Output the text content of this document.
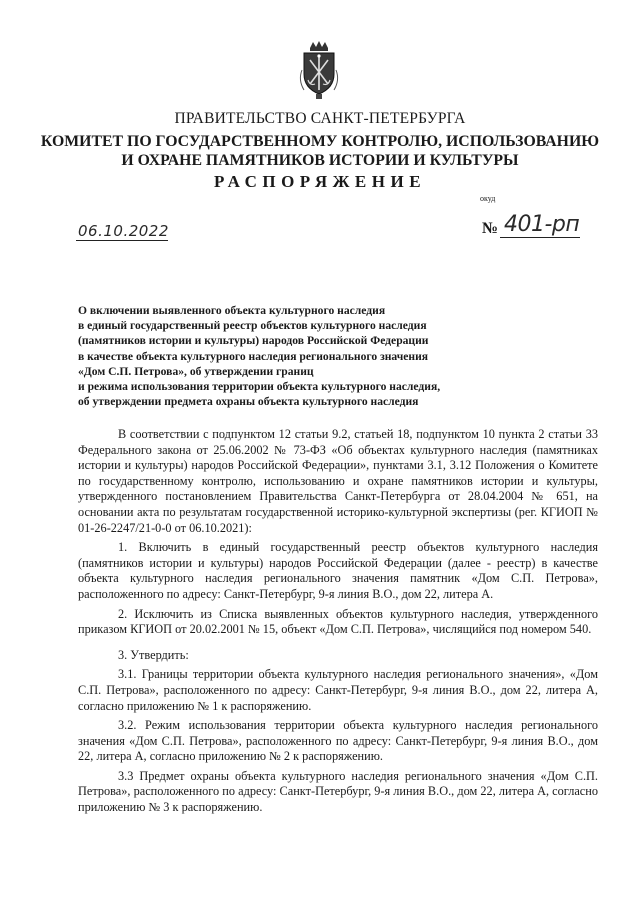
ПРАВИТЕЛЬСТВО САНКТ-ПЕТЕРБУРГА
КОМИТЕТ ПО ГОСУДАРСТВЕННОМУ КОНТРОЛЮ, ИСПОЛЬЗОВАНИЮ
И ОХРАНЕ ПАМЯТНИКОВ ИСТОРИИ И КУЛЬТУРЫ
РАСПОРЯЖЕНИЕ
окуд
06.10.2022	№ 401-рп
О включении выявленного объекта культурного наследия
в единый государственный реестр объектов культурного наследия
(памятников истории и культуры) народов Российской Федерации
в качестве объекта культурного наследия регионального значения
«Дом С.П. Петрова», об утверждении границ
и режима использования территории объекта культурного наследия,
об утверждении предмета охраны объекта культурного наследия

В соответствии с подпунктом 12 статьи 9.2, статьей 18, подпунктом 10 пункта 2 статьи 33 Федерального закона от 25.06.2002 № 73-ФЗ «Об объектах культурного наследия (памятниках истории и культуры) народов Российской Федерации», пунктами 3.1, 3.12 Положения о Комитете по государственному контролю, использованию и охране памятников истории и культуры, утвержденного постановлением Правительства Санкт-Петербурга от 28.04.2004 № 651, на основании акта по результатам государственной историко-культурной экспертизы (рег. КГИОП № 01-26-2247/21-0-0 от 06.10.2021):

1. Включить в единый государственный реестр объектов культурного наследия (памятников истории и культуры) народов Российской Федерации (далее - реестр) в качестве объекта культурного наследия регионального значения памятник «Дом С.П. Петрова», расположенного по адресу: Санкт-Петербург, 9-я линия В.О., дом 22, литера А.

2. Исключить из Списка выявленных объектов культурного наследия, утвержденного приказом КГИОП от 20.02.2001 № 15, объект «Дом С.П. Петрова», числящийся под номером 540.

3. Утвердить:

3.1. Границы территории объекта культурного наследия регионального значения», «Дом С.П. Петрова», расположенного по адресу: Санкт-Петербург, 9-я линия В.О., дом 22, литера А, согласно приложению № 1 к распоряжению.

3.2. Режим использования территории объекта культурного наследия регионального значения «Дом С.П. Петрова», расположенного по адресу: Санкт-Петербург, 9-я линия В.О., дом 22, литера А, согласно приложению № 2 к распоряжению.

3.3 Предмет охраны объекта культурного наследия регионального значения «Дом С.П. Петрова», расположенного по адресу: Санкт-Петербург, 9-я линия В.О., дом 22, литера А, согласно приложению № 3 к распоряжению.
